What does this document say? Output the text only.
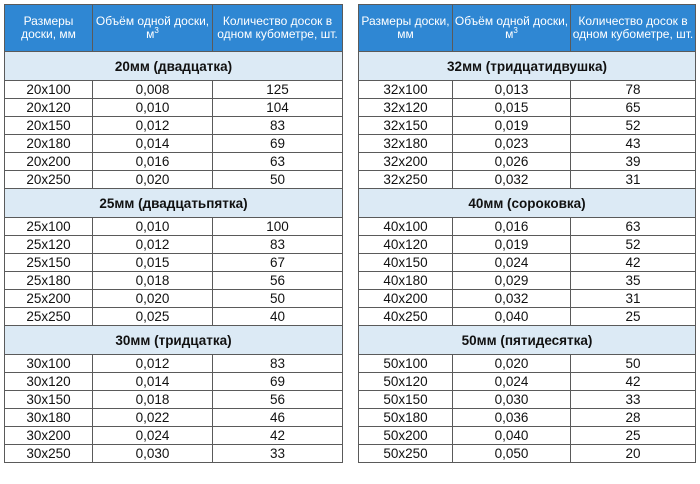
Размеры доски, мм	Объём одной доски, $м^3$	Количество досок в одном кубометре, шт.
20мм (двадцатка)		
20x100	0,008	125
20x120	0,010	104
20x150	0,012	83
20x180	0,014	69
20x200	0,016	63
20x250	0,020	50
25мм (двадцатьпятка)		
25x100	0,010	100
25x120	0,012	83
25x150	0,015	67
25x180	0,018	56
25x200	0,020	50
25x250	0,025	40
30мм (тридцатка)		
30x100	0,012	83
30x120	0,014	69
30x150	0,018	56
30x180	0,022	46
30x200	0,024	42
30x250	0,030	33
Размеры доски, мм	Объём одной доски, $м^3$	Количество досок в одном кубометре, шт.
32мм (тридцатидвушка)		
32x100	0,013	78
32x120	0,015	65
32x150	0,019	52
32x180	0,023	43
32x200	0,026	39
32x250	0,032	31
40мм (сороковка)		
40x100	0,016	63
40x120	0,019	52
40x150	0,024	42
40x180	0,029	35
40x200	0,032	31
40x250	0,040	25
50мм (пятидесятка)		
50x100	0,020	50
50x120	0,024	42
50x150	0,030	33
50x180	0,036	28
50x200	0,040	25
50x250	0,050	20
